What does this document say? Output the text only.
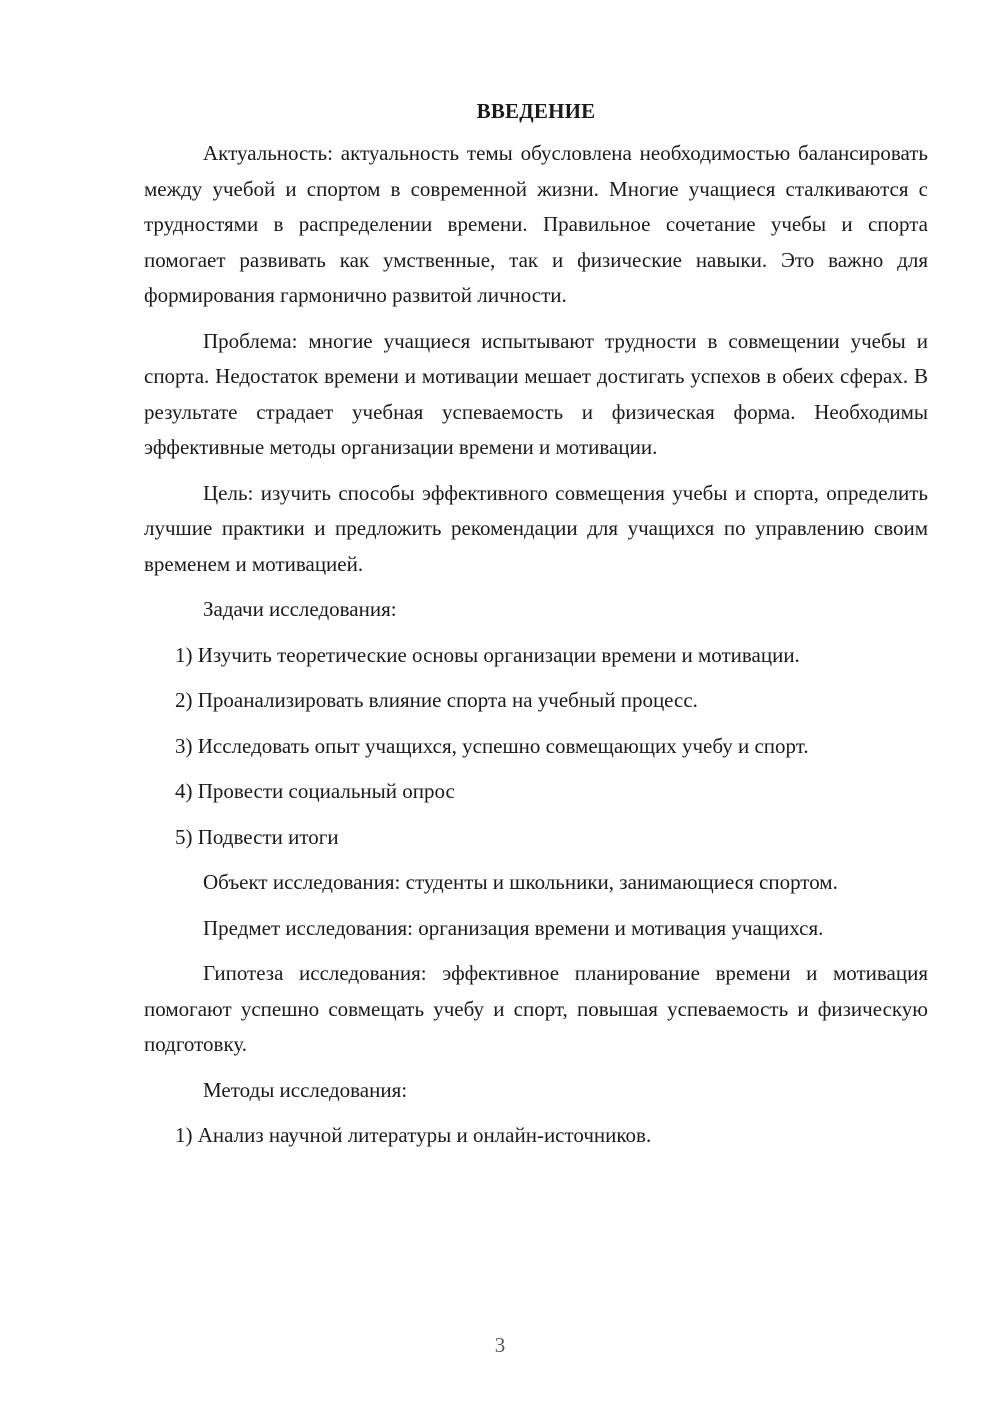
ВВЕДЕНИЕ

Актуальность: актуальность темы обусловлена необходимостью балансировать между учебой и спортом в современной жизни. Многие учащиеся сталкиваются с трудностями в распределении времени. Правильное сочетание учебы и спорта помогает развивать как умственные, так и физические навыки. Это важно для формирования гармонично развитой личности.

Проблема: многие учащиеся испытывают трудности в совмещении учебы и спорта. Недостаток времени и мотивации мешает достигать успехов в обеих сферах. В результате страдает учебная успеваемость и физическая форма. Необходимы эффективные методы организации времени и мотивации.

Цель: изучить способы эффективного совмещения учебы и спорта, определить лучшие практики и предложить рекомендации для учащихся по управлению своим временем и мотивацией.

Задачи исследования:

1) Изучить теоретические основы организации времени и мотивации.

2) Проанализировать влияние спорта на учебный процесс.

3) Исследовать опыт учащихся, успешно совмещающих учебу и спорт.

4) Провести социальный опрос

5) Подвести итоги

Объект исследования: студенты и школьники, занимающиеся спортом.

Предмет исследования: организация времени и мотивация учащихся.

Гипотеза исследования: эффективное планирование времени и мотивация помогают успешно совмещать учебу и спорт, повышая успеваемость и физическую подготовку.

Методы исследования:

1) Анализ научной литературы и онлайн-источников.

3
